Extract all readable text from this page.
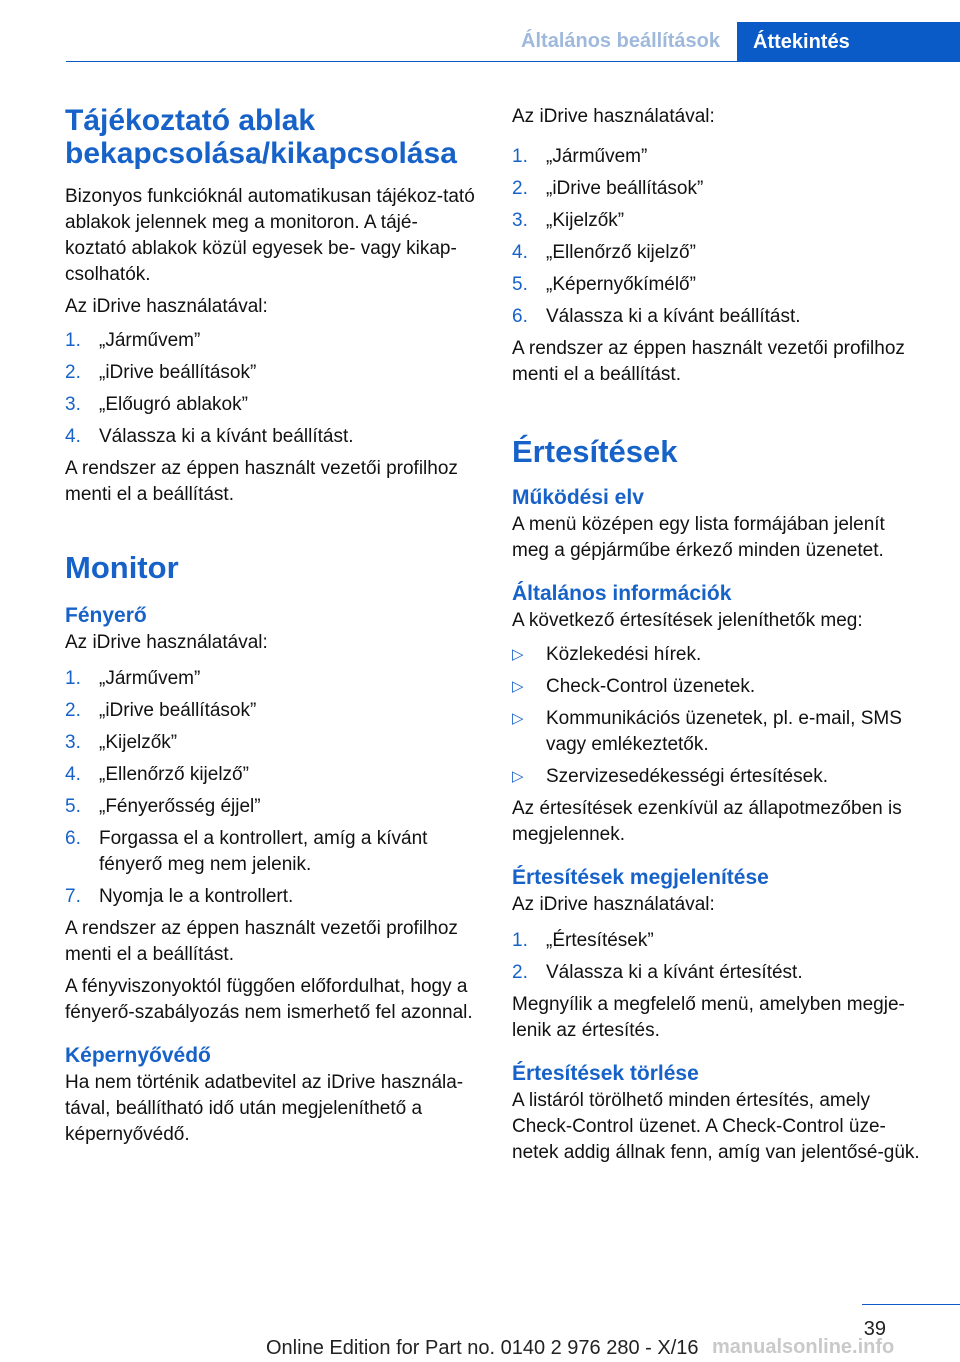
Általános beállítások	Áttekintés
Tájékoztató ablak bekapcsolása/kikapcsolása

Bizonyos funkcióknál automatikusan tájékoz‐tató ablakok jelennek meg a monitoron. A tájé‐koztató ablakok közül egyesek be- vagy kikap‐csolhatók.

Az iDrive használatával:

1. „Járművem”
2. „iDrive beállítások”
3. „Előugró ablakok”
4. Válassza ki a kívánt beállítást.

A rendszer az éppen használt vezetői profilhoz menti el a beállítást.

Monitor
Fényerő

Az iDrive használatával:

1. „Járművem”
2. „iDrive beállítások”
3. „Kijelzők”
4. „Ellenőrző kijelző”
5. „Fényerősség éjjel”
6. Forgassa el a kontrollert, amíg a kívánt fényerő meg nem jelenik.
7. Nyomja le a kontrollert.

A rendszer az éppen használt vezetői profilhoz menti el a beállítást.

A fényviszonyoktól függően előfordulhat, hogy a fényerő-szabályozás nem ismerhető fel azonnal.

Képernyővédő

Ha nem történik adatbevitel az iDrive használa‐tával, beállítható idő után megjeleníthető a képernyővédő.

Az iDrive használatával:

1. „Járművem”
2. „iDrive beállítások”
3. „Kijelzők”
4. „Ellenőrző kijelző”
5. „Képernyőkímélő”
6. Válassza ki a kívánt beállítást.

A rendszer az éppen használt vezetői profilhoz menti el a beállítást.

Értesítések
Működési elv

A menü középen egy lista formájában jelenít meg a gépjárműbe érkező minden üzenetet.

Általános információk

A következő értesítések jeleníthetők meg:

▷	Közlekedési hírek.
▷	Check-Control üzenetek.
▷	Kommunikációs üzenetek, pl. e-mail, SMS vagy emlékeztetők.
▷	Szervizesedékességi értesítések.

Az értesítések ezenkívül az állapotmezőben is megjelennek.

Értesítések megjelenítése

Az iDrive használatával:

1. „Értesítések”
2. Válassza ki a kívánt értesítést.

Megnyílik a megfelelő menü, amelyben megje‐lenik az értesítés.

Értesítések törlése

A listáról törölhető minden értesítés, amely Check-Control üzenet. A Check-Control üze‐netek addig állnak fenn, amíg van jelentősé‐gük.

39
Online Edition for Part no. 0140 2 976 280 - X/16 manualsonline.info
